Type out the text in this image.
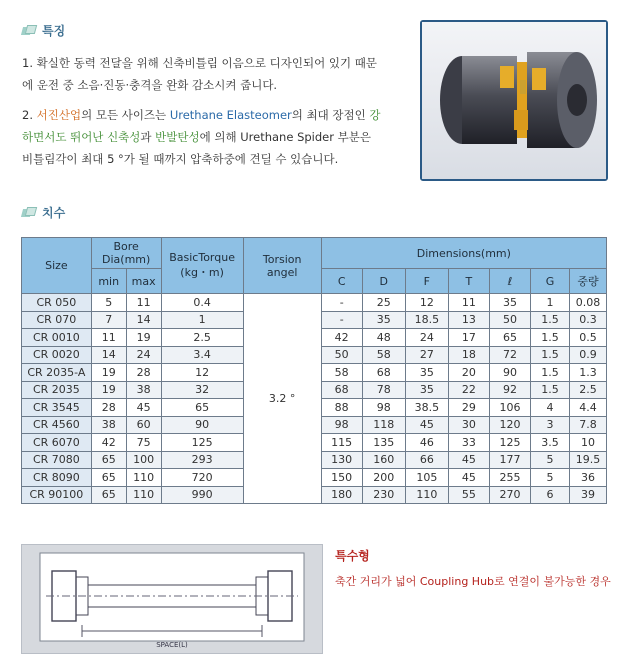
특징
1. 확실한 동력 전달을 위해 신축비틀림 이음으로 디자인되어 있기 때문
에 운전 중 소음·진동·충격을 완화 감소시켜 줍니다.
2. 서진산업의 모든 사이즈는 Urethane Elasteomer의 최대 장점인 강
하면서도 뛰어난 신축성과 반발탄성에 의해 Urethane Spider 부분은
비틀림각이 최대 5 °가 될 때까지 압축하중에 견딜 수 있습니다.
치수
Size	Bore Dia(mm)		BasicTorque (kg・m)	Torsion angel	Dimensions(mm)						
	min	max			C	D	F	T	ℓ	G	중량
CR 050	5	11	0.4	3.2 °	-	25	12	11	35	1	0.08
CR 070	7	14	1		-	35	18.5	13	50	1.5	0.3
CR 0010	11	19	2.5		42	48	24	17	65	1.5	0.5
CR 0020	14	24	3.4		50	58	27	18	72	1.5	0.9
CR 2035-A	19	28	12		58	68	35	20	90	1.5	1.3
CR 2035	19	38	32		68	78	35	22	92	1.5	2.5
CR 3545	28	45	65		88	98	38.5	29	106	4	4.4
CR 4560	38	60	90		98	118	45	30	120	3	7.8
CR 6070	42	75	125		115	135	46	33	125	3.5	10
CR 7080	65	100	293		130	160	66	45	177	5	19.5
CR 8090	65	110	720		150	200	105	45	255	5	36
CR 90100	65	110	990		180	230	110	55	270	6	39
SPACE(L)
특수형
축간 거리가 넓어 Coupling Hub로 연결이 불가능한 경우
